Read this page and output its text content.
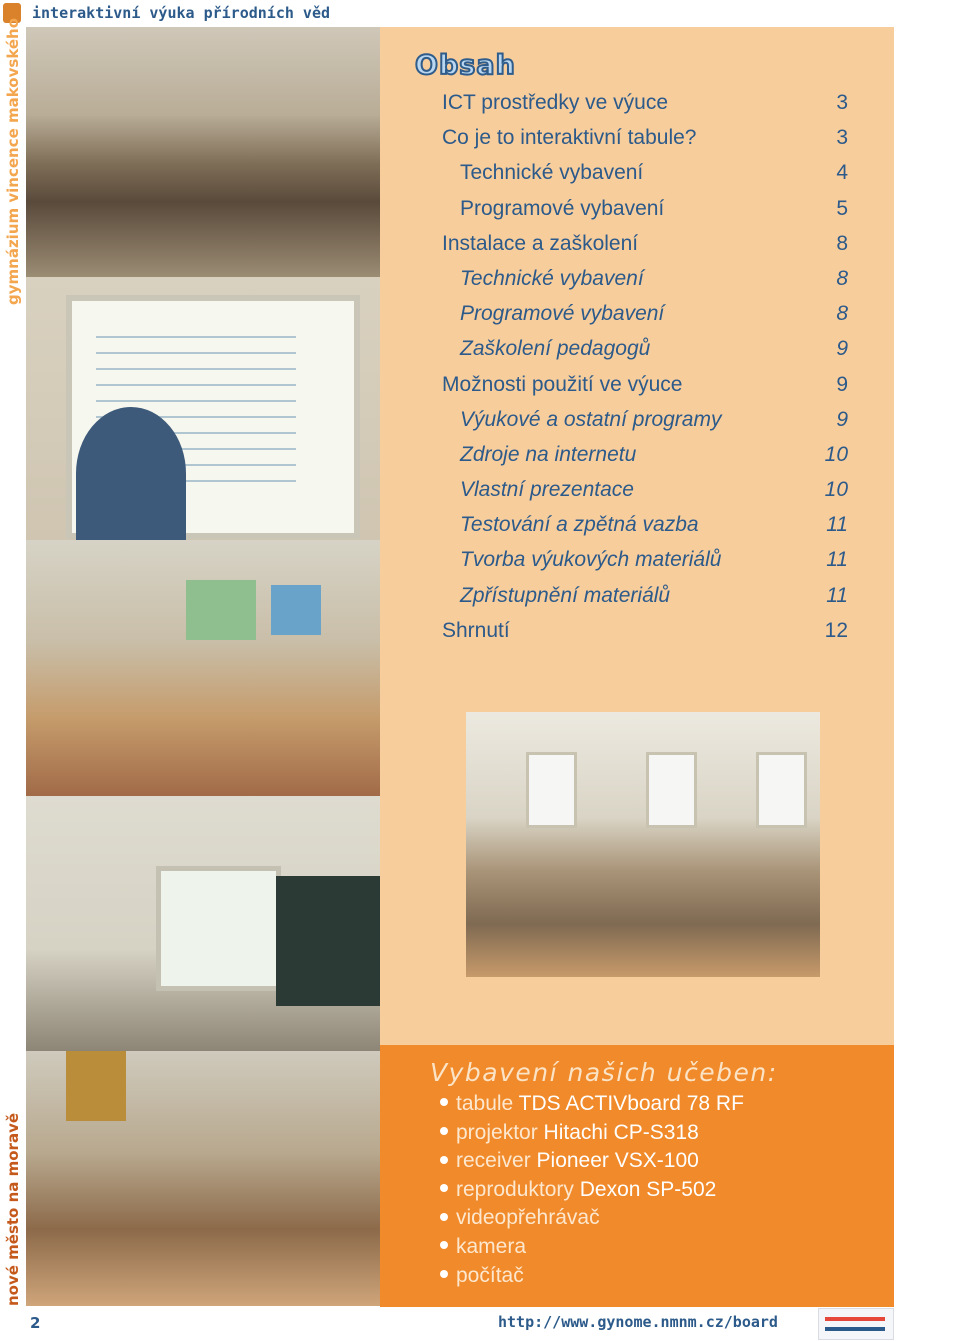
gymnázium vincence makovského
nové město na moravě
interaktivní výuka přírodních věd
Obsah
ICT prostředky ve výuce	3
Co je to interaktivní tabule?	3
Technické vybavení	4
Programové vybavení	5
Instalace a zaškolení	8
Technické vybavení	8
Programové vybavení	8
Zaškolení pedagogů	9
Možnosti použití ve výuce	9
Výukové a ostatní programy	9
Zdroje na internetu	10
Vlastní prezentace	10
Testování a zpětná vazba	11
Tvorba výukových materiálů	11
Zpřístupnění materiálů	11
Shrnutí	12
Vybavení našich učeben:
tabule TDS ACTIVboard 78 RF
projektor Hitachi CP-S318
receiver Pioneer VSX-100
reproduktory Dexon SP-502
videopřehrávač
kamera
počítač
2	http://www.gynome.nmnm.cz/board
